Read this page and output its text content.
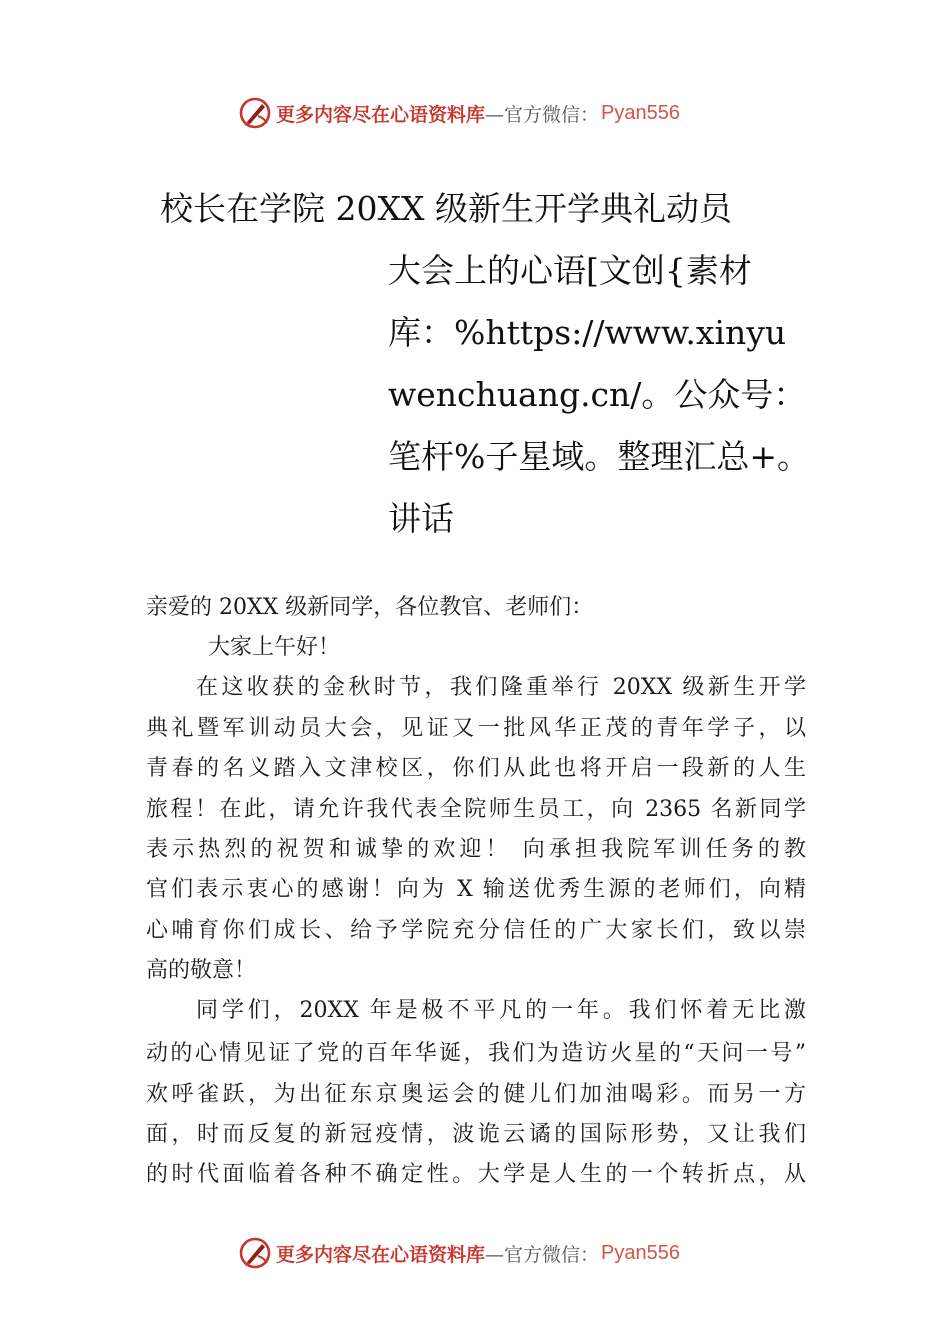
更多内容尽在心语资料库 —官方微信： Pyan556
校长在学院 20XX 级新生开学典礼动员
大会上的心语[文创{素材
库：%https://www.xinyu
wenchuang.cn/。公众号：
笔杆%子星域。整理汇总+。
讲话
亲爱的 20XX 级新同学，各位教官、老师们：
大家上午好！
在这收获的金秋时节，我们隆重举行 20XX 级新生开学
典礼暨军训动员大会，见证又一批风华正茂的青年学子，以
青春的名义踏入文津校区，你们从此也将开启一段新的人生
旅程！在此，请允许我代表全院师生员工，向 2365 名新同学
表示热烈的祝贺和诚挚的欢迎！ 向承担我院军训任务的教
官们表示衷心的感谢！向为 X 输送优秀生源的老师们，向精
心哺育你们成长、给予学院充分信任的广大家长们，致以崇
高的敬意！
同学们，20XX 年是极不平凡的一年。我们怀着无比激
动的心情见证了党的百年华诞，我们为造访火星的“天问一号”
欢呼雀跃，为出征东京奥运会的健儿们加油喝彩。而另一方
面，时而反复的新冠疫情，波诡云谲的国际形势，又让我们
的时代面临着各种不确定性。大学是人生的一个转折点，从
更多内容尽在心语资料库 —官方微信： Pyan556
